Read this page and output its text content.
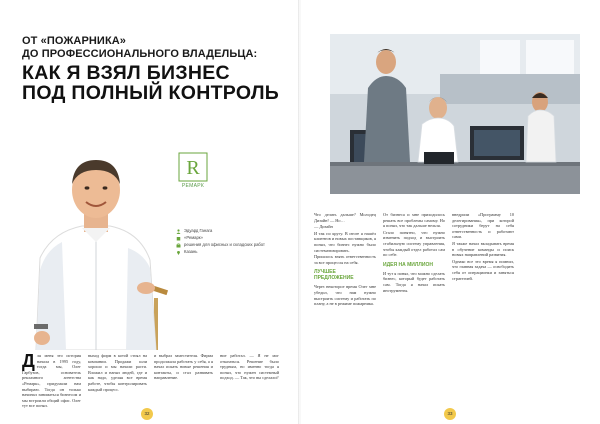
ОТ «ПОЖАРНИКА»
ДО ПРОФЕССИОНАЛЬНОГО ВЛАДЕЛЬЦА:
КАК Я ВЗЯЛ БИЗНЕС
ПОД ПОЛНЫЙ КОНТРОЛЬ
R
РЕМАРК
Эдуард Ганага
«Ремарк»
решения для офисных и складских работ
Казань
Д ля меня это история начала в 1995 году, тогда мы, Олег Гарбузов, основатель рекламного агентства «Ремарк», придумали нам выбираю. Тогда он только начинал заниматься бизнесом и мы встроили общий офис. Олег тут все понял.
выход фирм в котой стоял на компании. Продажи шли хорошо и мы начали расти. Вложил и нанял людей, где и как надо, уделяя все время работе, чтобы контролировать каждый процесс.
и выбрал заместителя. Фирма продолжала работать у себя, а я начал искать новые решения и контакты, и стал развивать направление.
ние работал. — Я не мог отказаться. Решение было трудным, но именно тогда я понял, что нужен системный подход. — Так, что вы сделали?
32

Что делать дальше? Молодец Дизайн! — Но…

— Дизайн

И так по кругу. В итоге я нашёл клиентов и новых поставщиков, я понял, что бизнес нужно было систематизировать.

Пришлось взять ответственность за все процессы на себя.

ЛУЧШЕЕ ПРЕДЛОЖЕНИЕ

Через некоторое время Олег мне убедил, что нам нужно выстроить систему и работать по плану, а не в режиме пожарника.

От бизнеса и мне приходилось решать все проблемы самому. Но я понял, что так дальше нельзя.

Стало понятно, что нужно изменить подход и выстроить стабильную систему управления, чтобы каждый отдел работал сам по себе.

ИДЕЯ НА МИЛЛИОН

И тут я понял, что можно сделать бизнес, который будет работать сам. Тогда я начал искать инструменты.

внедрили «Программу 10 делегирования», при которой сотрудники берут на себя ответственность и работают сами.

Я также начал вкладывать время в обучение команды и поиск новых направлений развития.

Однако все это время я помнил, что главная задача — освободить себя от операционки и заняться стратегией.

33
